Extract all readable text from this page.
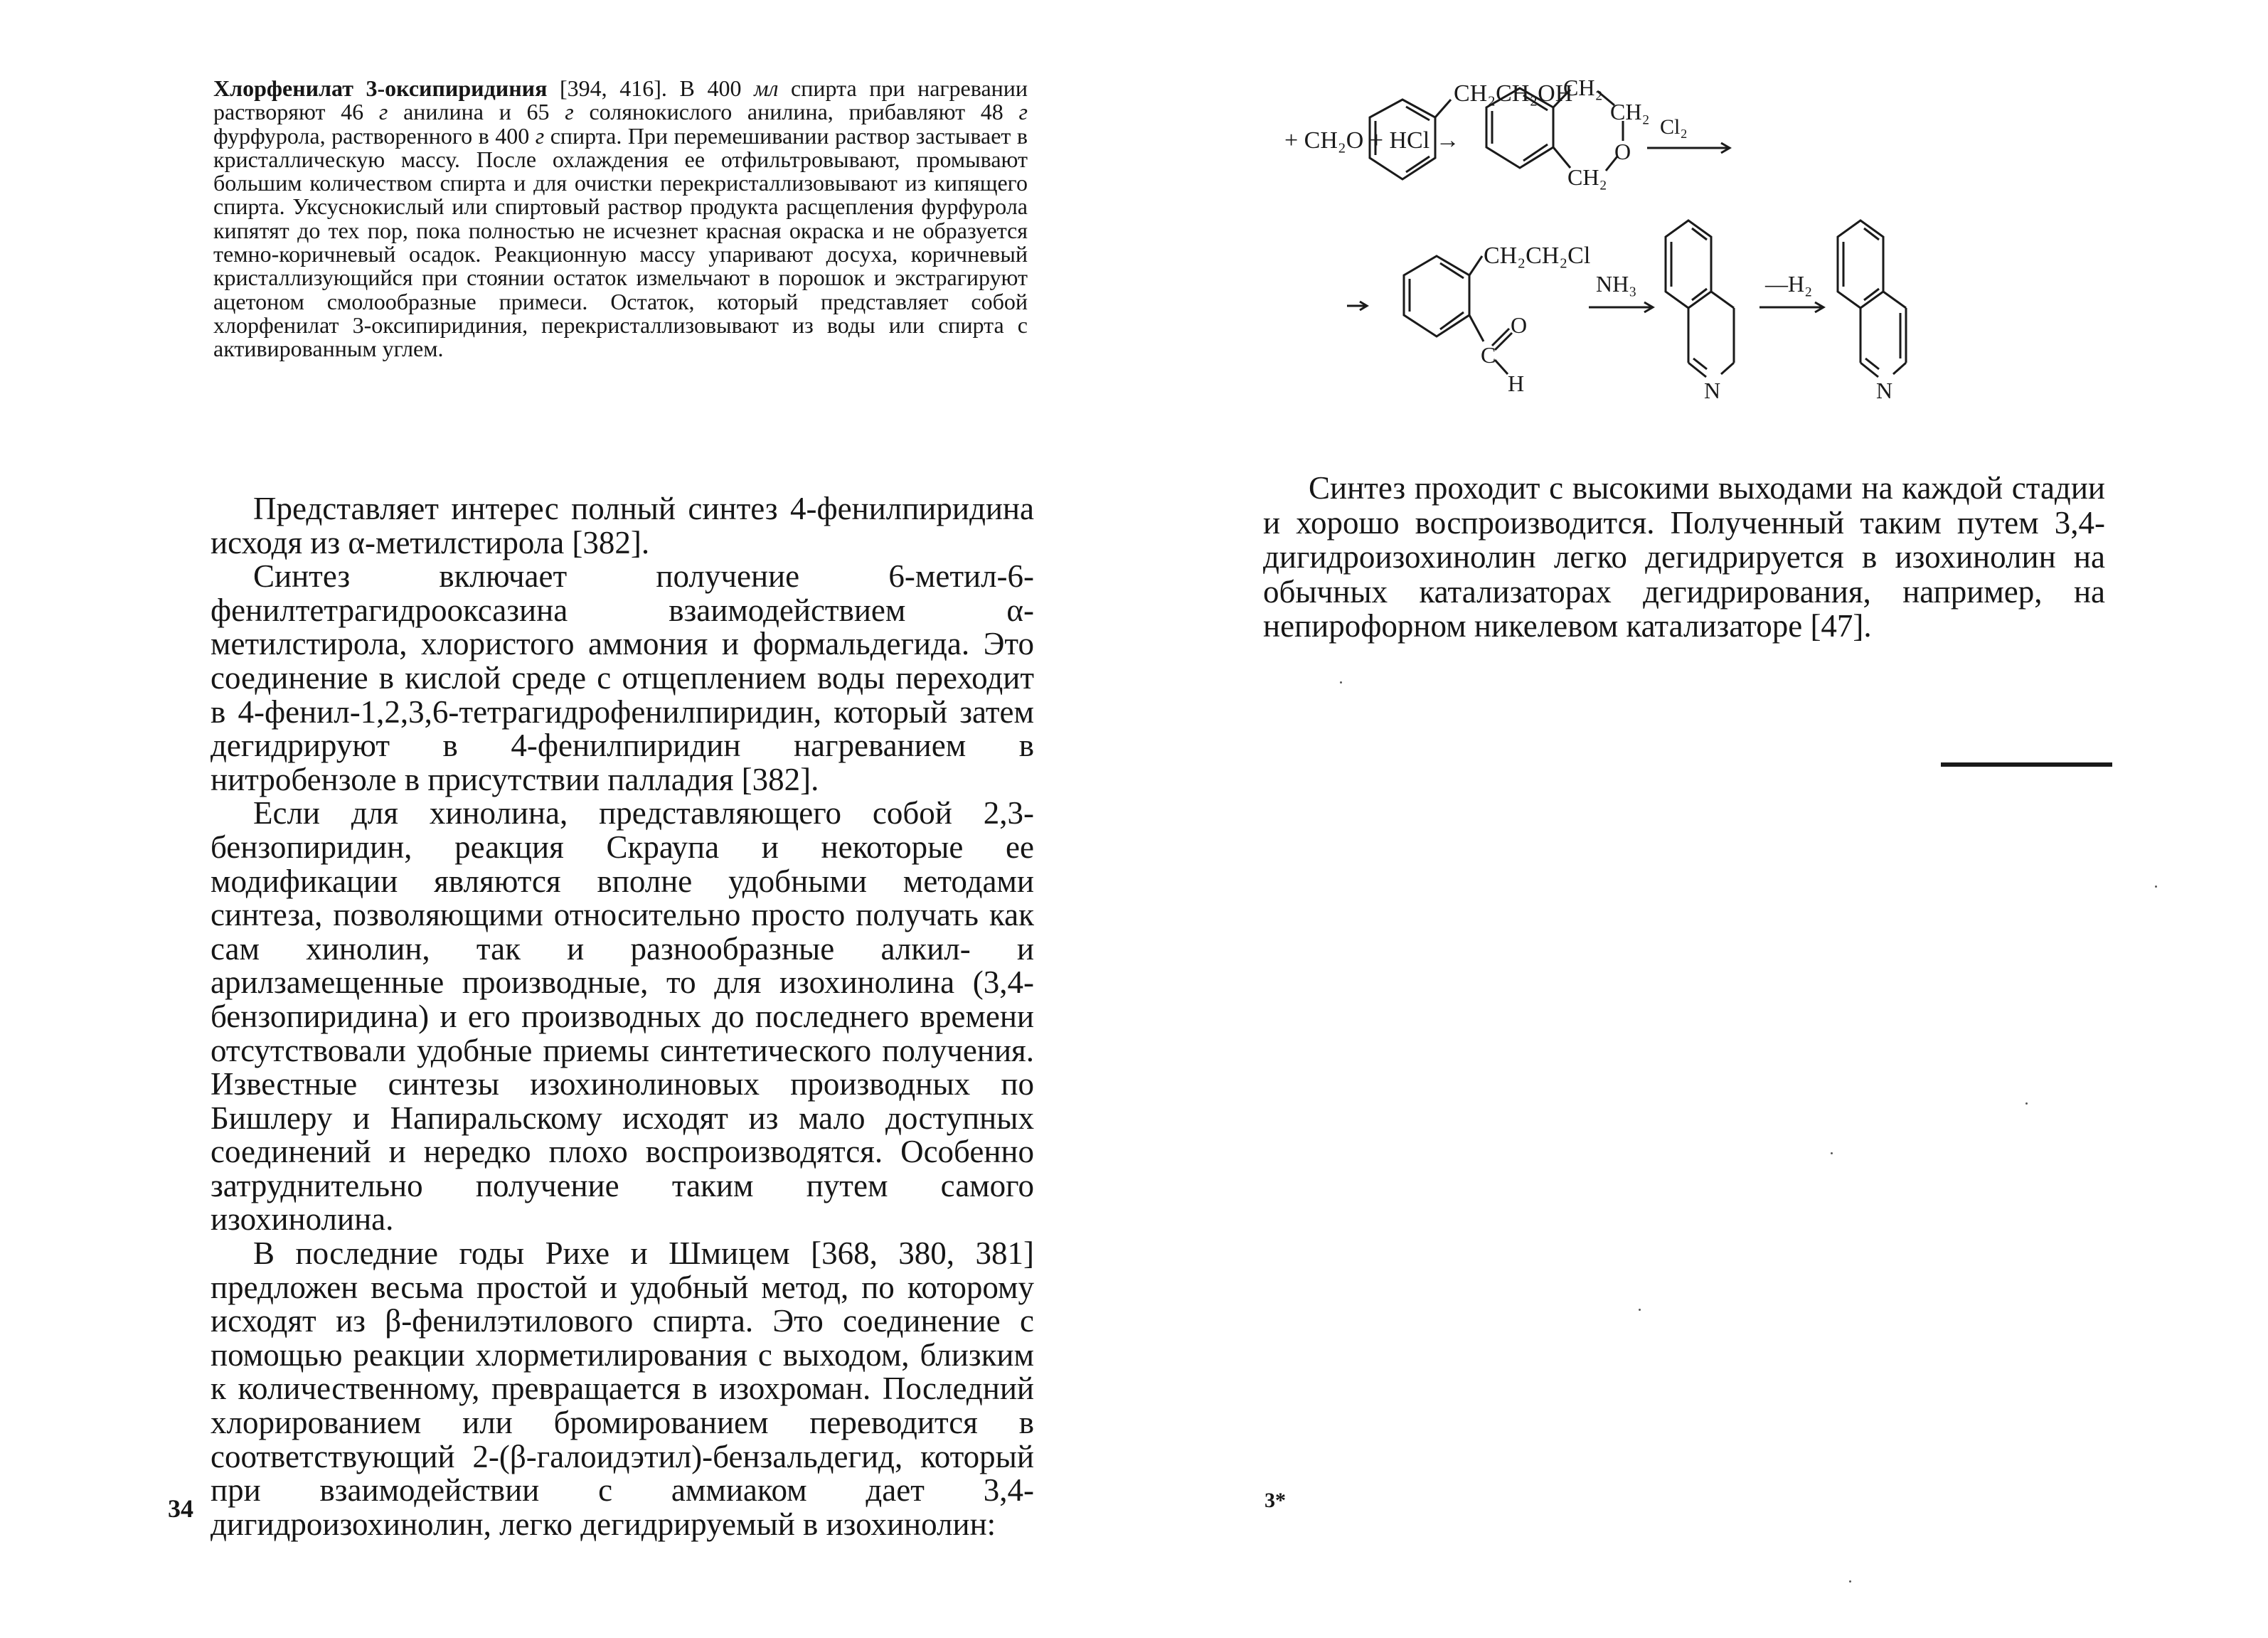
Хлорфенилат 3-оксипиридиния [394, 416]. В 400 мл спирта при нагревании растворяют 46 г анилина и 65 г солянокислого анилина, прибавляют 48 г фурфурола, растворенного в 400 г спирта. При перемешивании раствор застывает в кристаллическую массу. После охлаждения ее отфильтровывают, промывают большим количеством спирта и для очистки перекристаллизовывают из кипящего спирта. Уксуснокислый или спиртовый раствор продукта расщепления фурфурола кипятят до тех пор, пока полностью не исчезнет красная окраска и не образуется темно-коричневый осадок. Реакционную массу упаривают досуха, коричневый кристаллизующийся при стоянии остаток измельчают в порошок и экстрагируют ацетоном смолообразные примеси. Остаток, который представляет собой хлорфенилат 3-оксипиридиния, перекристаллизовывают из воды или спирта с активированным углем.

Представляет интерес полный синтез 4-фенилпиридина исходя из α-метилстирола [382].

Синтез включает получение 6-метил-6-фенилтетрагидрооксазина взаимодействием α-метилстирола, хлористого аммония и формальдегида. Это соединение в кислой среде с отщеплением воды переходит в 4-фенил-1,2,3,6-тетрагидрофенилпиридин, который затем дегидрируют в 4-фенилпиридин нагреванием в нитробензоле в присутствии палладия [382].

Если для хинолина, представляющего собой 2,3-бензопиридин, реакция Скраупа и некоторые ее модификации являются вполне удобными методами синтеза, позволяющими относительно просто получать как сам хинолин, так и разнообразные алкил- и арилзамещенные производные, то для изохинолина (3,4-бензопиридина) и его производных до последнего времени отсутствовали удобные приемы синтетического получения. Известные синтезы изохинолиновых производных по Бишлеру и Напиральскому исходят из мало доступных соединений и нередко плохо воспроизводятся. Особенно затруднительно получение таким путем самого изохинолина.

В последние годы Рихе и Шмицем [368, 380, 381] предложен весьма простой и удобный метод, по которому исходят из β-фенилэтилового спирта. Это соединение с помощью реакции хлорметилирования с выходом, близким к количественному, превращается в изохроман. Последний хлорированием или бромированием переводится в соответствующий 2-(β-галоидэтил)-бензальдегид, который при взаимодействии с аммиаком дает 3,4-дигидроизохинолин, легко дегидрируемый в изохинолин:

34
CH₂CH₂OH
+ CH₂O + HCl →
CH₂
CH₂
Cl₂
O
CH₂
CH₂CH₂Cl
C
O
H
NH₃	—H₂
N	N

Синтез проходит с высокими выходами на каждой стадии и хорошо воспроизводится. Полученный таким путем 3,4-дигидроизохинолин легко дегидрируется в изохинолин на обычных катализаторах дегидрирования, например, на непирофорном никелевом катализаторе [47].

3*
